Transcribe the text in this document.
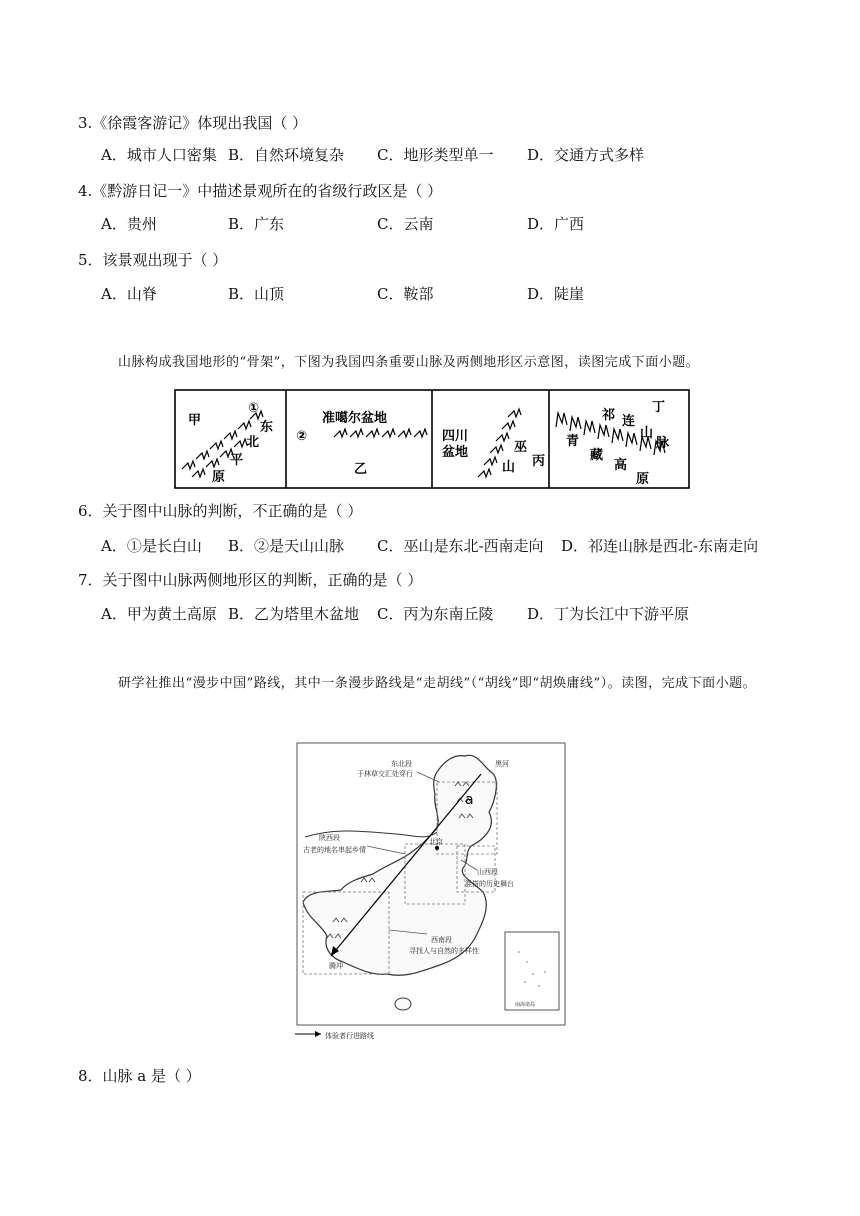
3.《徐霞客游记》体现出我国（ ）
A．城市人口密集 B．自然环境复杂 C．地形类型单一 D．交通方式多样
4.《黔游日记一》中描述景观所在的省级行政区是（ ）
A．贵州	B．广东	C．云南	D．广西
5．该景观出现于（ ）
A．山脊	B．山顶	C．鞍部	D．陡崖
山脉构成我国地形的“骨架”，下图为我国四条重要山脉及两侧地形区示意图，读图完成下面小题。
甲
①
东
北
平
原
准噶尔盆地
②
乙
四川
盆地	巫
山 丙
丁
祁 连
山
脉
青
藏
高
原
6．关于图中山脉的判断，不正确的是（ ）
A．①是长白山 B．②是天山山脉 C．巫山是东北-西南走向 D．祁连山脉是西北-东南走向
7．关于图中山脉两侧地形区的判断，正确的是（ ）
A．甲为黄土高原 B．乙为塔里木盆地 C．丙为东南丘陵 D．丁为长江中下游平原
研学社推出“漫步中国”路线，其中一条漫步路线是“走胡线”（“胡线”即“胡焕庸线”）。读图，完成下面小题。
东北段
于林草交汇处穿行
黑河
陕西段
古老的地名串起乡情
北京
山西段
混搭的历史舞台
西南段
寻找人与自然的多样性
腾冲
南海诸岛
体验者行进路线
a
8．山脉 a 是（ ）
